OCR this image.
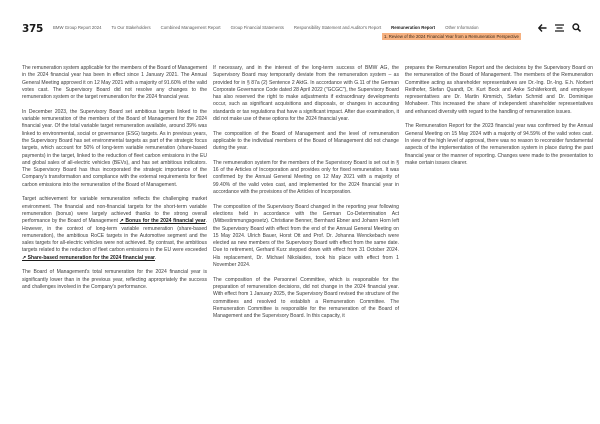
375 BMW Group Report 2024 To Our Stakeholders Combined Management Report Group Financial Statements Responsibility Statement and Auditor's Report Remuneration Report Other Information
1. Review of the 2024 Financial Year from a Remuneration Perspective

The remuneration system applicable for the members of the Board of Management in the 2024 financial year has been in effect since 1 January 2021. The Annual General Meeting approved it on 12 May 2021 with a majority of 91.60% of the valid votes cast. The Supervisory Board did not resolve any changes to the remuneration system or the target remuneration for the 2024 financial year.

In December 2023, the Supervisory Board set ambitious targets linked to the variable remuneration of the members of the Board of Management for the 2024 financial year. Of the total variable target remuneration available, around 39% was linked to environmental, social or governance (ESG) targets. As in previous years, the Supervisory Board has set environmental targets as part of the strategic focus targets, which account for 50% of long-term variable remuneration (share-based payments) in the target, linked to the reduction of fleet carbon emissions in the EU and global sales of all-electric vehicles (BEVs), and has set ambitious indicators. The Supervisory Board has thus incorporated the strategic importance of the Company's transformation and compliance with the external requirements for fleet carbon emissions into the remuneration of the Board of Management.

Target achievement for variable remuneration reflects the challenging market environment. The financial and non-financial targets for the short-term variable remuneration (bonus) were largely achieved thanks to the strong overall performance by the Board of Management ↗ Bonus for the 2024 financial year. However, in the context of long-term variable remuneration (share-based remuneration), the ambitious RoCE targets in the Automotive segment and the sales targets for all-electric vehicles were not achieved. By contrast, the ambitious targets related to the reduction of fleet carbon emissions in the EU were exceeded ↗ Share-based remuneration for the 2024 financial year.

The Board of Management's total remuneration for the 2024 financial year is significantly lower than in the previous year, reflecting appropriately the success and challenges involved in the Company's performance.

If necessary, and in the interest of the long-term success of BMW AG, the Supervisory Board may temporarily deviate from the remuneration system – as provided for in § 87a (2) Sentence 2 AktG. In accordance with G.11 of the German Corporate Governance Code dated 28 April 2022 ("GCGC"), the Supervisory Board has also reserved the right to make adjustments if extraordinary developments occur, such as significant acquisitions and disposals, or changes in accounting standards or tax regulations that have a significant impact. After due examination, it did not make use of these options for the 2024 financial year.

The composition of the Board of Management and the level of remuneration applicable to the individual members of the Board of Management did not change during the year.

The remuneration system for the members of the Supervisory Board is set out in § 16 of the Articles of Incorporation and provides only for fixed remuneration. It was confirmed by the Annual General Meeting on 12 May 2021 with a majority of 99.40% of the valid votes cast, and implemented for the 2024 financial year in accordance with the provisions of the Articles of Incorporation.

The composition of the Supervisory Board changed in the reporting year following elections held in accordance with the German Co-Determination Act (Mitbestimmungsgesetz). Christiane Benner, Bernhard Ebner and Johann Horn left the Supervisory Board with effect from the end of the Annual General Meeting on 15 May 2024. Ulrich Bauer, Horst Ott and Prof. Dr. Johanna Wenckebach were elected as new members of the Supervisory Board with effect from the same date. Due to retirement, Gerhard Kurz stepped down with effect from 31 October 2024. His replacement, Dr. Michael Nikolaides, took his place with effect from 1 November 2024.

The composition of the Personnel Committee, which is responsible for the preparation of remuneration decisions, did not change in the 2024 financial year. With effect from 1 January 2025, the Supervisory Board revised the structure of the committees and resolved to establish a Remuneration Committee. The Remuneration Committee is responsible for the remuneration of the Board of Management and the Supervisory Board. In this capacity, it

prepares the Remuneration Report and the decisions by the Supervisory Board on the remuneration of the Board of Management. The members of the Remuneration Committee acting as shareholder representatives are Dr.-Ing. Dr.-Ing. E.h. Norbert Reithofer, Stefan Quandt, Dr. Kurt Bock and Anke Schäferkordt, and employee representatives are Dr. Martin Kimmich, Stefan Schmid and Dr. Dominique Mohabeer. This increased the share of independent shareholder representatives and enhanced diversity with regard to the handling of remuneration issues.

The Remuneration Report for the 2023 financial year was confirmed by the Annual General Meeting on 15 May 2024 with a majority of 94.59% of the valid votes cast. In view of the high level of approval, there was no reason to reconsider fundamental aspects of the implementation of the remuneration system in place during the past financial year or the manner of reporting. Changes were made to the presentation to make certain issues clearer.
